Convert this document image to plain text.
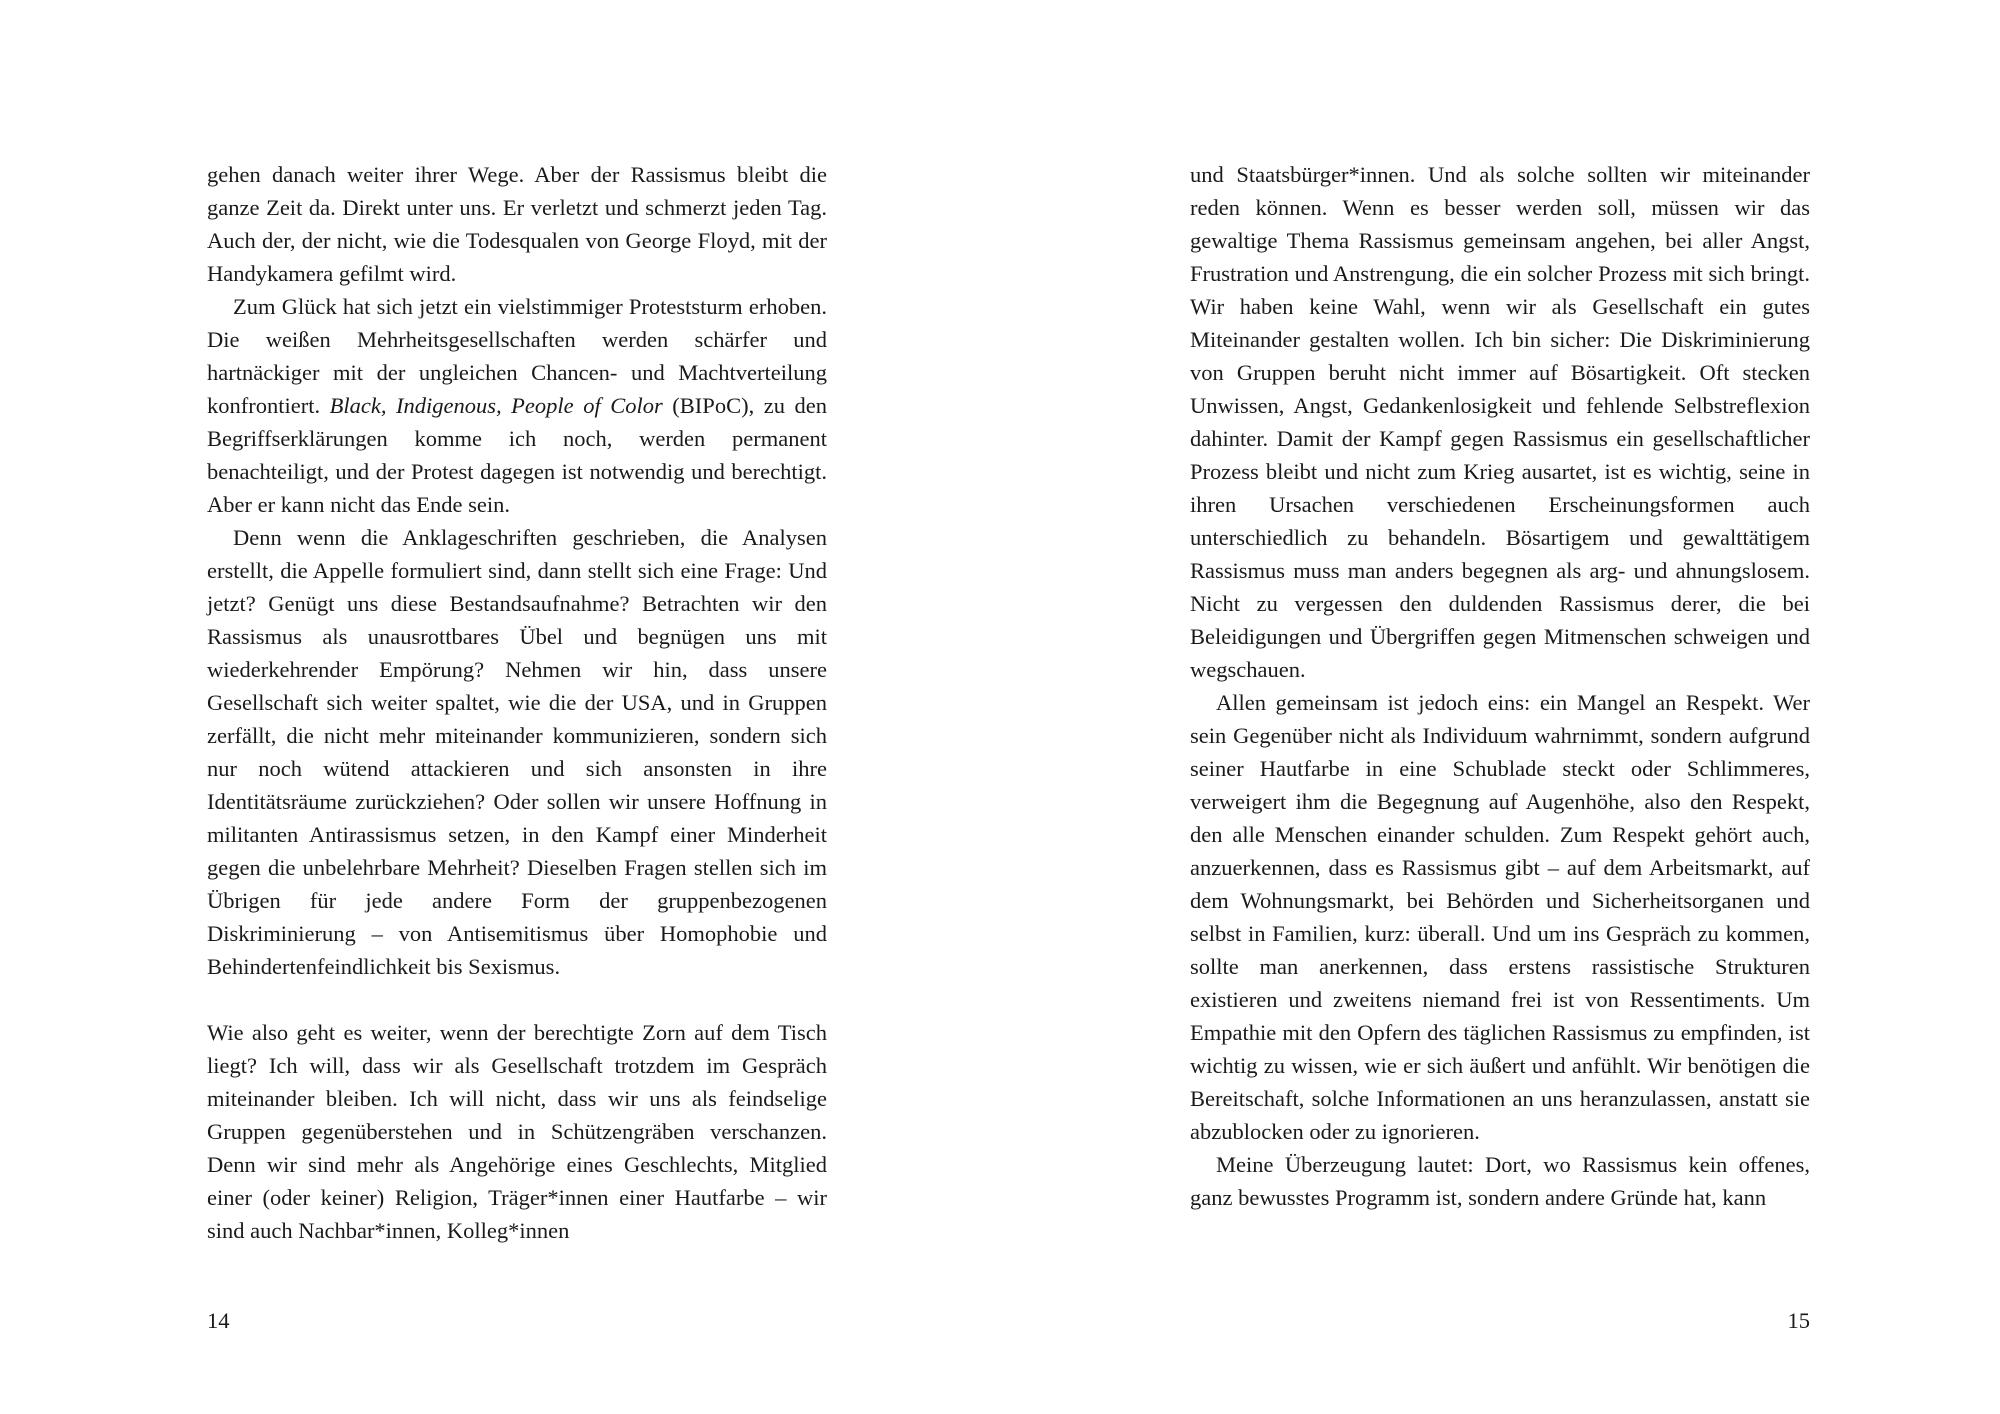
gehen danach weiter ihrer Wege. Aber der Rassismus bleibt die ganze Zeit da. Direkt unter uns. Er verletzt und schmerzt jeden Tag. Auch der, der nicht, wie die Todesqualen von George Floyd, mit der Handykamera gefilmt wird.

Zum Glück hat sich jetzt ein vielstimmiger Proteststurm erhoben. Die weißen Mehrheitsgesellschaften werden schärfer und hartnäckiger mit der ungleichen Chancen- und Machtverteilung konfrontiert. Black, Indigenous, People of Color (BIPoC), zu den Begriffserklärungen komme ich noch, werden permanent benachteiligt, und der Protest dagegen ist notwendig und berechtigt. Aber er kann nicht das Ende sein.

Denn wenn die Anklageschriften geschrieben, die Analysen erstellt, die Appelle formuliert sind, dann stellt sich eine Frage: Und jetzt? Genügt uns diese Bestandsaufnahme? Betrachten wir den Rassismus als unausrottbares Übel und begnügen uns mit wiederkehrender Empörung? Nehmen wir hin, dass unsere Gesellschaft sich weiter spaltet, wie die der USA, und in Gruppen zerfällt, die nicht mehr miteinander kommunizieren, sondern sich nur noch wütend attackieren und sich ansonsten in ihre Identitätsräume zurückziehen? Oder sollen wir unsere Hoffnung in militanten Antirassismus setzen, in den Kampf einer Minderheit gegen die unbelehrbare Mehrheit? Dieselben Fragen stellen sich im Übrigen für jede andere Form der gruppenbezogenen Diskriminierung – von Antisemitismus über Homophobie und Behindertenfeindlichkeit bis Sexismus.

Wie also geht es weiter, wenn der berechtigte Zorn auf dem Tisch liegt? Ich will, dass wir als Gesellschaft trotzdem im Gespräch miteinander bleiben. Ich will nicht, dass wir uns als feindselige Gruppen gegenüberstehen und in Schützengräben verschanzen. Denn wir sind mehr als Angehörige eines Geschlechts, Mitglied einer (oder keiner) Religion, Träger*innen einer Hautfarbe – wir sind auch Nachbar*innen, Kolleg*innen

14

und Staatsbürger*innen. Und als solche sollten wir miteinander reden können. Wenn es besser werden soll, müssen wir das gewaltige Thema Rassismus gemeinsam angehen, bei aller Angst, Frustration und Anstrengung, die ein solcher Prozess mit sich bringt. Wir haben keine Wahl, wenn wir als Gesellschaft ein gutes Miteinander gestalten wollen. Ich bin sicher: Die Diskriminierung von Gruppen beruht nicht immer auf Bösartigkeit. Oft stecken Unwissen, Angst, Gedankenlosigkeit und fehlende Selbstreflexion dahinter. Damit der Kampf gegen Rassismus ein gesellschaftlicher Prozess bleibt und nicht zum Krieg ausartet, ist es wichtig, seine in ihren Ursachen verschiedenen Erscheinungsformen auch unterschiedlich zu behandeln. Bösartigem und gewalttätigem Rassismus muss man anders begegnen als arg- und ahnungslosem. Nicht zu vergessen den duldenden Rassismus derer, die bei Beleidigungen und Übergriffen gegen Mitmenschen schweigen und wegschauen.

Allen gemeinsam ist jedoch eins: ein Mangel an Respekt. Wer sein Gegenüber nicht als Individuum wahrnimmt, sondern aufgrund seiner Hautfarbe in eine Schublade steckt oder Schlimmeres, verweigert ihm die Begegnung auf Augenhöhe, also den Respekt, den alle Menschen einander schulden. Zum Respekt gehört auch, anzuerkennen, dass es Rassismus gibt – auf dem Arbeitsmarkt, auf dem Wohnungsmarkt, bei Behörden und Sicherheitsorganen und selbst in Familien, kurz: überall. Und um ins Gespräch zu kommen, sollte man anerkennen, dass erstens rassistische Strukturen existieren und zweitens niemand frei ist von Ressentiments. Um Empathie mit den Opfern des täglichen Rassismus zu empfinden, ist wichtig zu wissen, wie er sich äußert und anfühlt. Wir benötigen die Bereitschaft, solche Informationen an uns heranzulassen, anstatt sie abzublocken oder zu ignorieren.

Meine Überzeugung lautet: Dort, wo Rassismus kein offenes, ganz bewusstes Programm ist, sondern andere Gründe hat, kann

15
